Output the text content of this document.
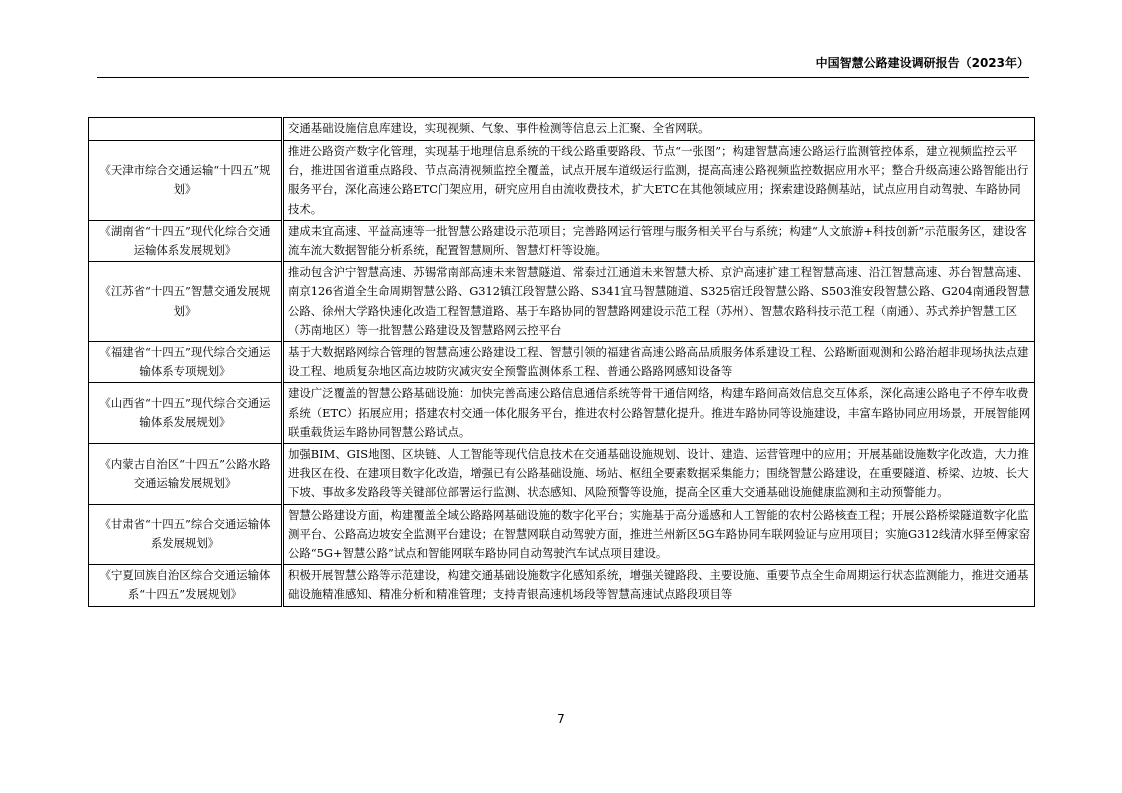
中国智慧公路建设调研报告（2023年）
	交通基础设施信息库建设，实现视频、气象、事件检测等信息云上汇聚、全省网联。
《天津市综合交通运输“十四五”规划》	推进公路资产数字化管理，实现基于地理信息系统的干线公路重要路段、节点“一张图”；构建智慧高速公路运行监测管控体系，建立视频监控云平台，推进国省道重点路段、节点高清视频监控全覆盖，试点开展车道级运行监测，提高高速公路视频监控数据应用水平；整合升级高速公路智能出行服务平台，深化高速公路ETC门架应用，研究应用自由流收费技术，扩大ETC在其他领域应用；探索建设路侧基站，试点应用自动驾驶、车路协同技术。
《湖南省“十四五”现代化综合交通运输体系发展规划》	建成耒宜高速、平益高速等一批智慧公路建设示范项目；完善路网运行管理与服务相关平台与系统；构建“人文旅游+科技创新”示范服务区，建设客流车流大数据智能分析系统，配置智慧厕所、智慧灯杆等设施。
《江苏省“十四五”智慧交通发展规划》	推动包含沪宁智慧高速、苏锡常南部高速未来智慧隧道、常泰过江通道未来智慧大桥、京沪高速扩建工程智慧高速、沿江智慧高速、苏台智慧高速、南京126省道全生命周期智慧公路、G312镇江段智慧公路、S341宜马智慧随道、S325宿迁段智慧公路、S503淮安段智慧公路、G204南通段智慧公路、徐州大学路快速化改造工程智慧道路、基于车路协同的智慧路网建设示范工程（苏州）、智慧农路科技示范工程（南通）、苏式养护智慧工区（苏南地区）等一批智慧公路建设及智慧路网云控平台
《福建省“十四五”现代综合交通运输体系专项规划》	基于大数据路网综合管理的智慧高速公路建设工程、智慧引领的福建省高速公路高品质服务体系建设工程、公路断面观测和公路治超非现场执法点建设工程、地质复杂地区高边坡防灾减灾安全预警监测体系工程、普通公路路网感知设备等
《山西省“十四五”现代综合交通运输体系发展规划》	建设广泛覆盖的智慧公路基础设施：加快完善高速公路信息通信系统等骨干通信网络，构建车路间高效信息交互体系，深化高速公路电子不停车收费系统（ETC）拓展应用；搭建农村交通一体化服务平台，推进农村公路智慧化提升。推进车路协同等设施建设，丰富车路协同应用场景，开展智能网联重载货运车路协同智慧公路试点。
《内蒙古自治区“十四五”公路水路交通运输发展规划》	加强BIM、GIS地图、区块链、人工智能等现代信息技术在交通基础设施规划、设计、建造、运营管理中的应用；开展基础设施数字化改造，大力推进我区在役、在建项目数字化改造，增强已有公路基础设施、场站、枢纽全要素数据采集能力；围绕智慧公路建设，在重要隧道、桥梁、边坡、长大下坡、事故多发路段等关键部位部署运行监测、状态感知、风险预警等设施，提高全区重大交通基础设施健康监测和主动预警能力。
《甘肃省“十四五”综合交通运输体系发展规划》	智慧公路建设方面，构建覆盖全域公路路网基础设施的数字化平台；实施基于高分遥感和人工智能的农村公路核查工程；开展公路桥梁隧道数字化监测平台、公路高边坡安全监测平台建设；在智慧网联自动驾驶方面，推进兰州新区5G车路协同车联网验证与应用项目；实施G312线清水驿至傅家窑公路“5G+智慧公路”试点和智能网联车路协同自动驾驶汽车试点项目建设。
《宁夏回族自治区综合交通运输体系“十四五”发展规划》	积极开展智慧公路等示范建设，构建交通基础设施数字化感知系统，增强关键路段、主要设施、重要节点全生命周期运行状态监测能力，推进交通基础设施精准感知、精准分析和精准管理；支持青银高速机场段等智慧高速试点路段项目等
7
